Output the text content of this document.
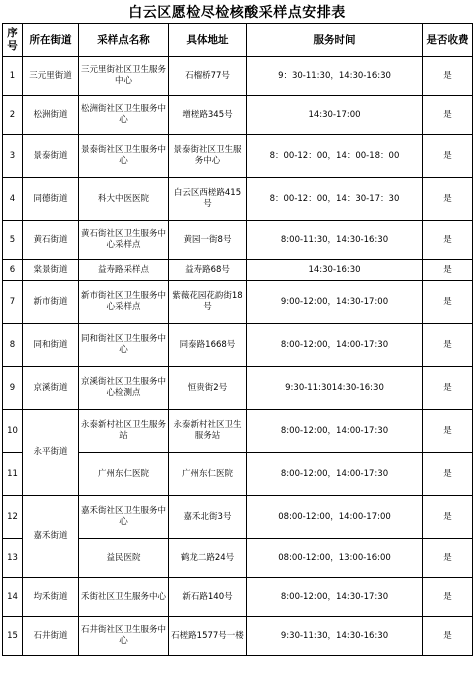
白云区愿检尽检核酸采样点安排表
序号	所在街道	采样点名称	具体地址	服务时间	是否收费
1	三元里街道	三元里街社区卫生服务中心	石榴桥77号	9：30-11:30，14:30-16:30	是
2	松洲街道	松洲街社区卫生服务中心	增槎路345号	14:30-17:00	是
3	景泰街道	景泰街社区卫生服务中心	景泰街社区卫生服务中心	8：00-12：00，14：00-18：00	是
4	同德街道	科大中医医院	白云区西槎路415号	8：00-12：00，14：30-17：30	是
5	黄石街道	黄石街社区卫生服务中心采样点	黄园一街8号	8:00-11:30，14:30-16:30	是
6	棠景街道	益寿路采样点	益寿路68号	14:30-16:30	是
7	新市街道	新市街社区卫生服务中心采样点	紫薇花园花韵街18号	9:00-12:00，14:30-17:00	是
8	同和街道	同和街社区卫生服务中心	同泰路1668号	8:00-12:00，14:00-17:30	是
9	京溪街道	京溪街社区卫生服务中心检测点	恒贵街2号	9:30-11:3014:30-16:30	是
10	永平街道	永泰新村社区卫生服务站	永泰新村社区卫生服务站	8:00-12:00，14:00-17:30	是
11		广州东仁医院	广州东仁医院	8:00-12:00，14:00-17:30	是
12	嘉禾街道	嘉禾街社区卫生服务中心	嘉禾北街3号	08:00-12:00，14:00-17:00	是
13		益民医院	鹤龙二路24号	08:00-12:00，13:00-16:00	是
14	均禾街道	禾街社区卫生服务中心	新石路140号	8:00-12:00，14:30-17:30	是
15	石井街道	石井街社区卫生服务中心	石槎路1577号一楼	9:30-11:30，14:30-16:30	是
